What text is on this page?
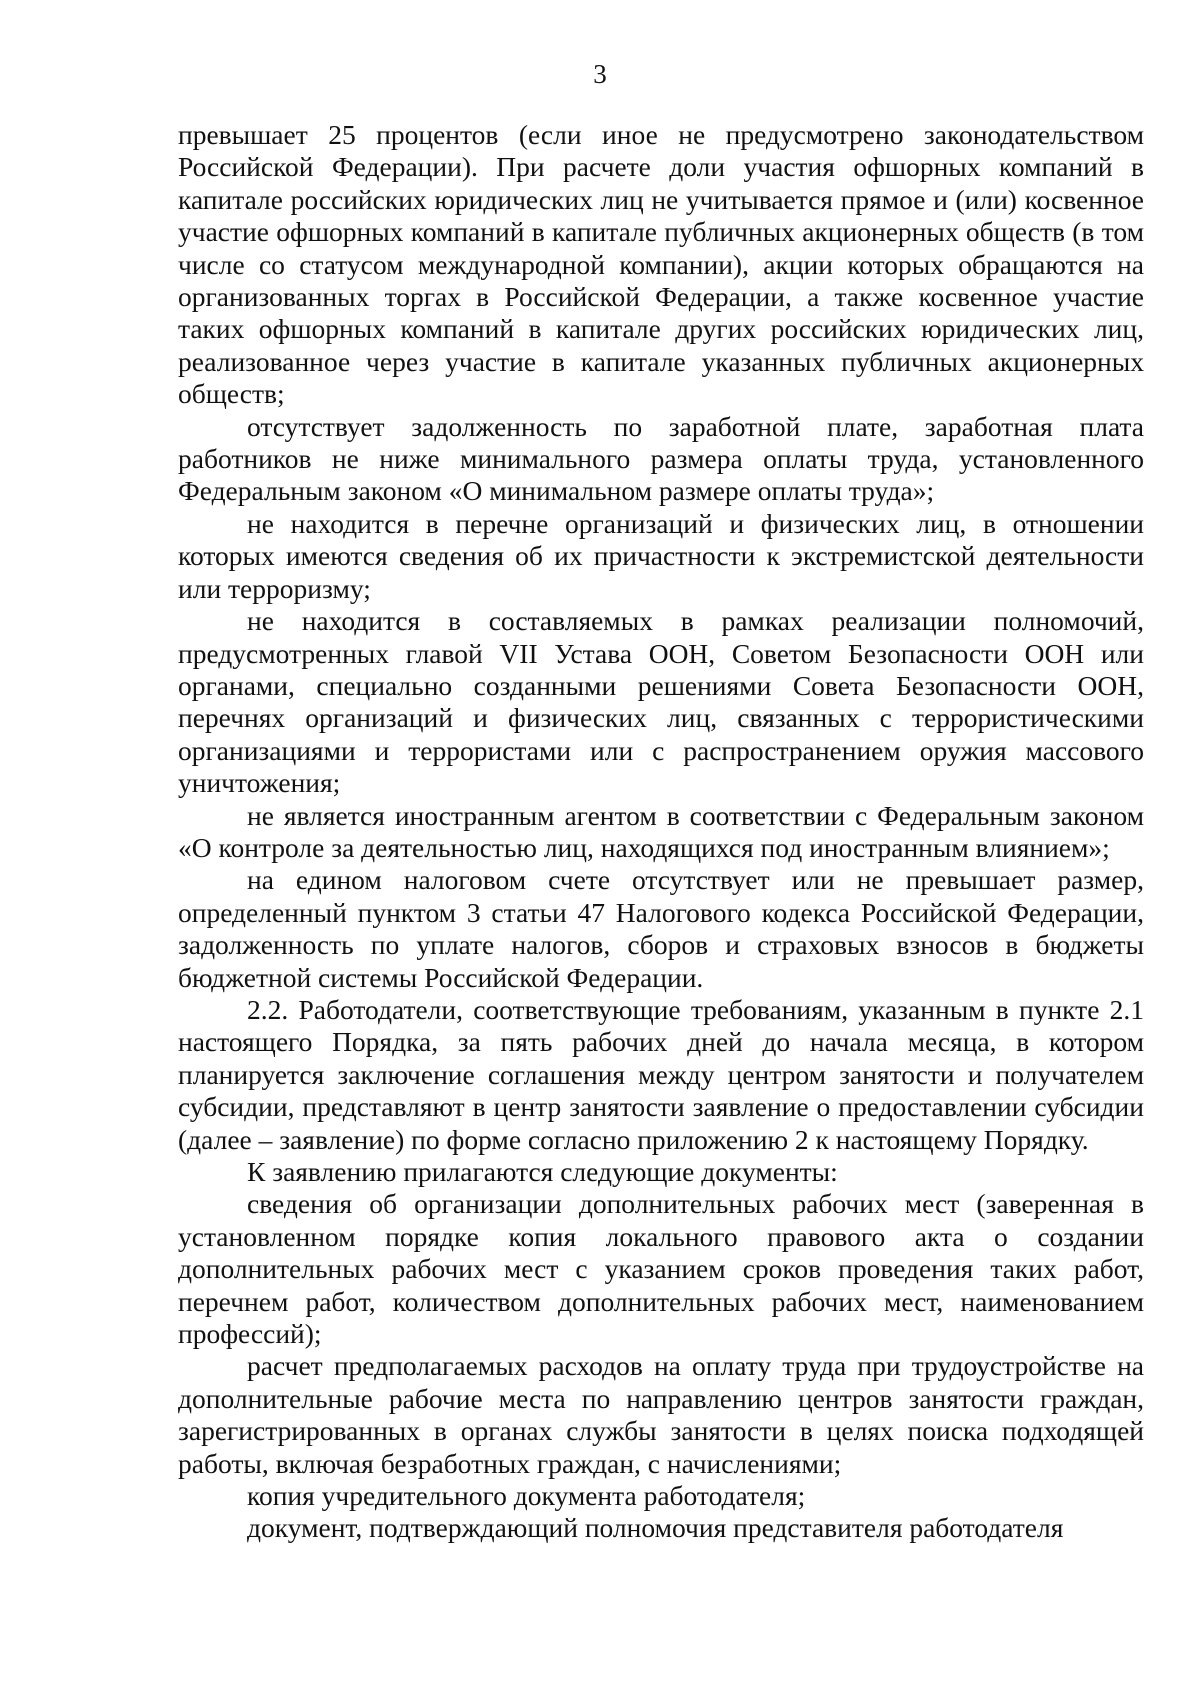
3

превышает 25 процентов (если иное не предусмотрено законодательством Российской Федерации). При расчете доли участия офшорных компаний в капитале российских юридических лиц не учитывается прямое и (или) косвенное участие офшорных компаний в капитале публичных акционерных обществ (в том числе со статусом международной компании), акции которых обращаются на организованных торгах в Российской Федерации, а также косвенное участие таких офшорных компаний в капитале других российских юридических лиц, реализованное через участие в капитале указанных публичных акционерных обществ;

отсутствует задолженность по заработной плате, заработная плата работников не ниже минимального размера оплаты труда, установленного Федеральным законом «О минимальном размере оплаты труда»;

не находится в перечне организаций и физических лиц, в отношении которых имеются сведения об их причастности к экстремистской деятельности или терроризму;

не находится в составляемых в рамках реализации полномочий, предусмотренных главой VII Устава ООН, Советом Безопасности ООН или органами, специально созданными решениями Совета Безопасности ООН, перечнях организаций и физических лиц, связанных с террористическими организациями и террористами или с распространением оружия массового уничтожения;

не является иностранным агентом в соответствии с Федеральным законом «О контроле за деятельностью лиц, находящихся под иностранным влиянием»;

на едином налоговом счете отсутствует или не превышает размер, определенный пунктом 3 статьи 47 Налогового кодекса Российской Федерации, задолженность по уплате налогов, сборов и страховых взносов в бюджеты бюджетной системы Российской Федерации.

2.2. Работодатели, соответствующие требованиям, указанным в пункте 2.1 настоящего Порядка, за пять рабочих дней до начала месяца, в котором планируется заключение соглашения между центром занятости и получателем субсидии, представляют в центр занятости заявление о предоставлении субсидии (далее – заявление) по форме согласно приложению 2 к настоящему Порядку.

К заявлению прилагаются следующие документы:

сведения об организации дополнительных рабочих мест (заверенная в установленном порядке копия локального правового акта о создании дополнительных рабочих мест с указанием сроков проведения таких работ, перечнем работ, количеством дополнительных рабочих мест, наименованием профессий);

расчет предполагаемых расходов на оплату труда при трудоустройстве на дополнительные рабочие места по направлению центров занятости граждан, зарегистрированных в органах службы занятости в целях поиска подходящей работы, включая безработных граждан, с начислениями;

копия учредительного документа работодателя;

документ, подтверждающий полномочия представителя работодателя
